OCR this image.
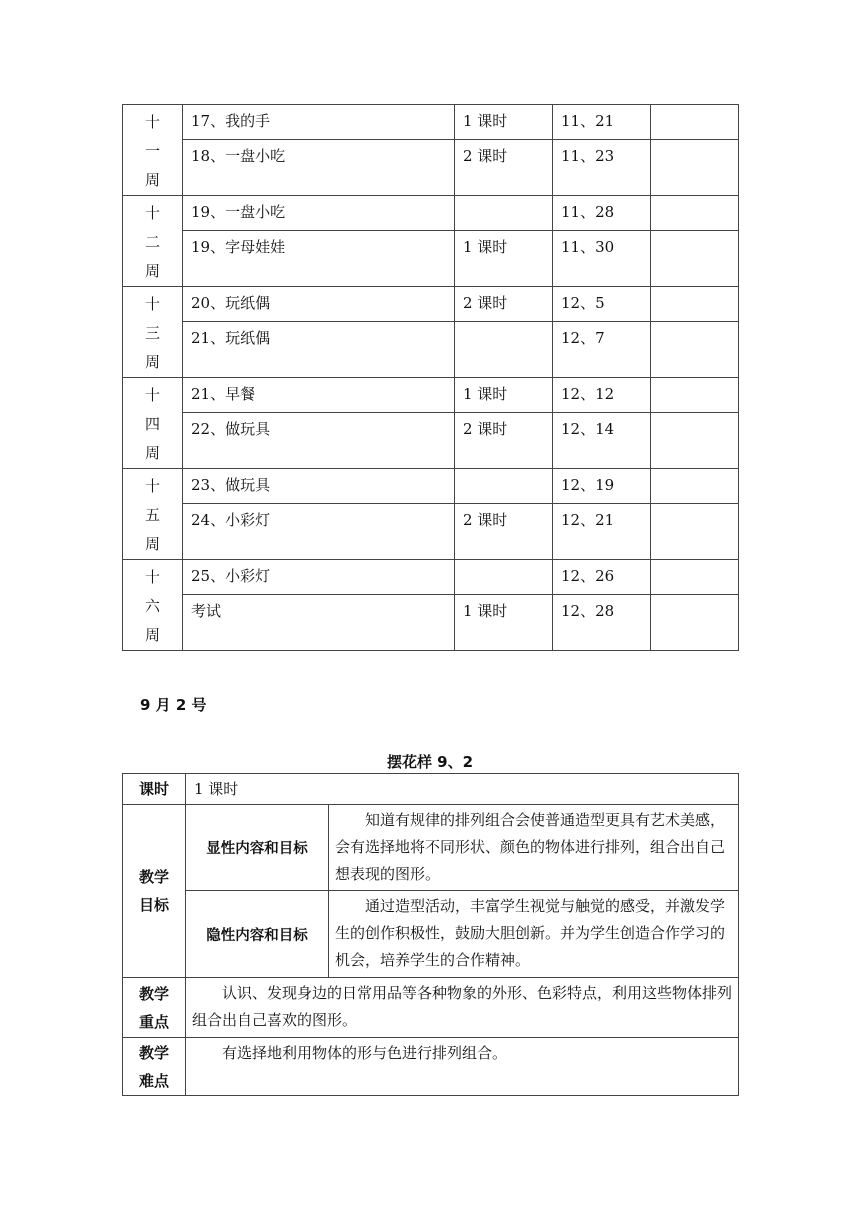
十
一
周	17、我的手	1 课时	11、21	
	18、一盘小吃	2 课时	11、23	

十
二
周	19、一盘小吃		11、28	
	19、字母娃娃	1 课时	11、30	

十
三
周	20、玩纸偶	2 课时	12、5	
	21、玩纸偶		12、7	

十
四
周	21、早餐	1 课时	12、12	
	22、做玩具	2 课时	12、14	

十
五
周	23、做玩具		12、19	
	24、小彩灯	2 课时	12、21	

十
六
周	25、小彩灯		12、26	
	考试	1 课时	12、28	
9 月 2 号
摆花样 9、2
课时	1 课时	
教学目标	显性内容和目标	知道有规律的排列组合会使普通造型更具有艺术美感，会有选择地将不同形状、颜色的物体进行排列，组合出自己想表现的图形。
	隐性内容和目标	通过造型活动，丰富学生视觉与触觉的感受，并激发学生的创作积极性，鼓励大胆创新。并为学生创造合作学习的机会，培养学生的合作精神。
教学重点	认识、发现身边的日常用品等各种物象的外形、色彩特点，利用这些物体排列组合出自己喜欢的图形。	
教学难点	有选择地利用物体的形与色进行排列组合。	
